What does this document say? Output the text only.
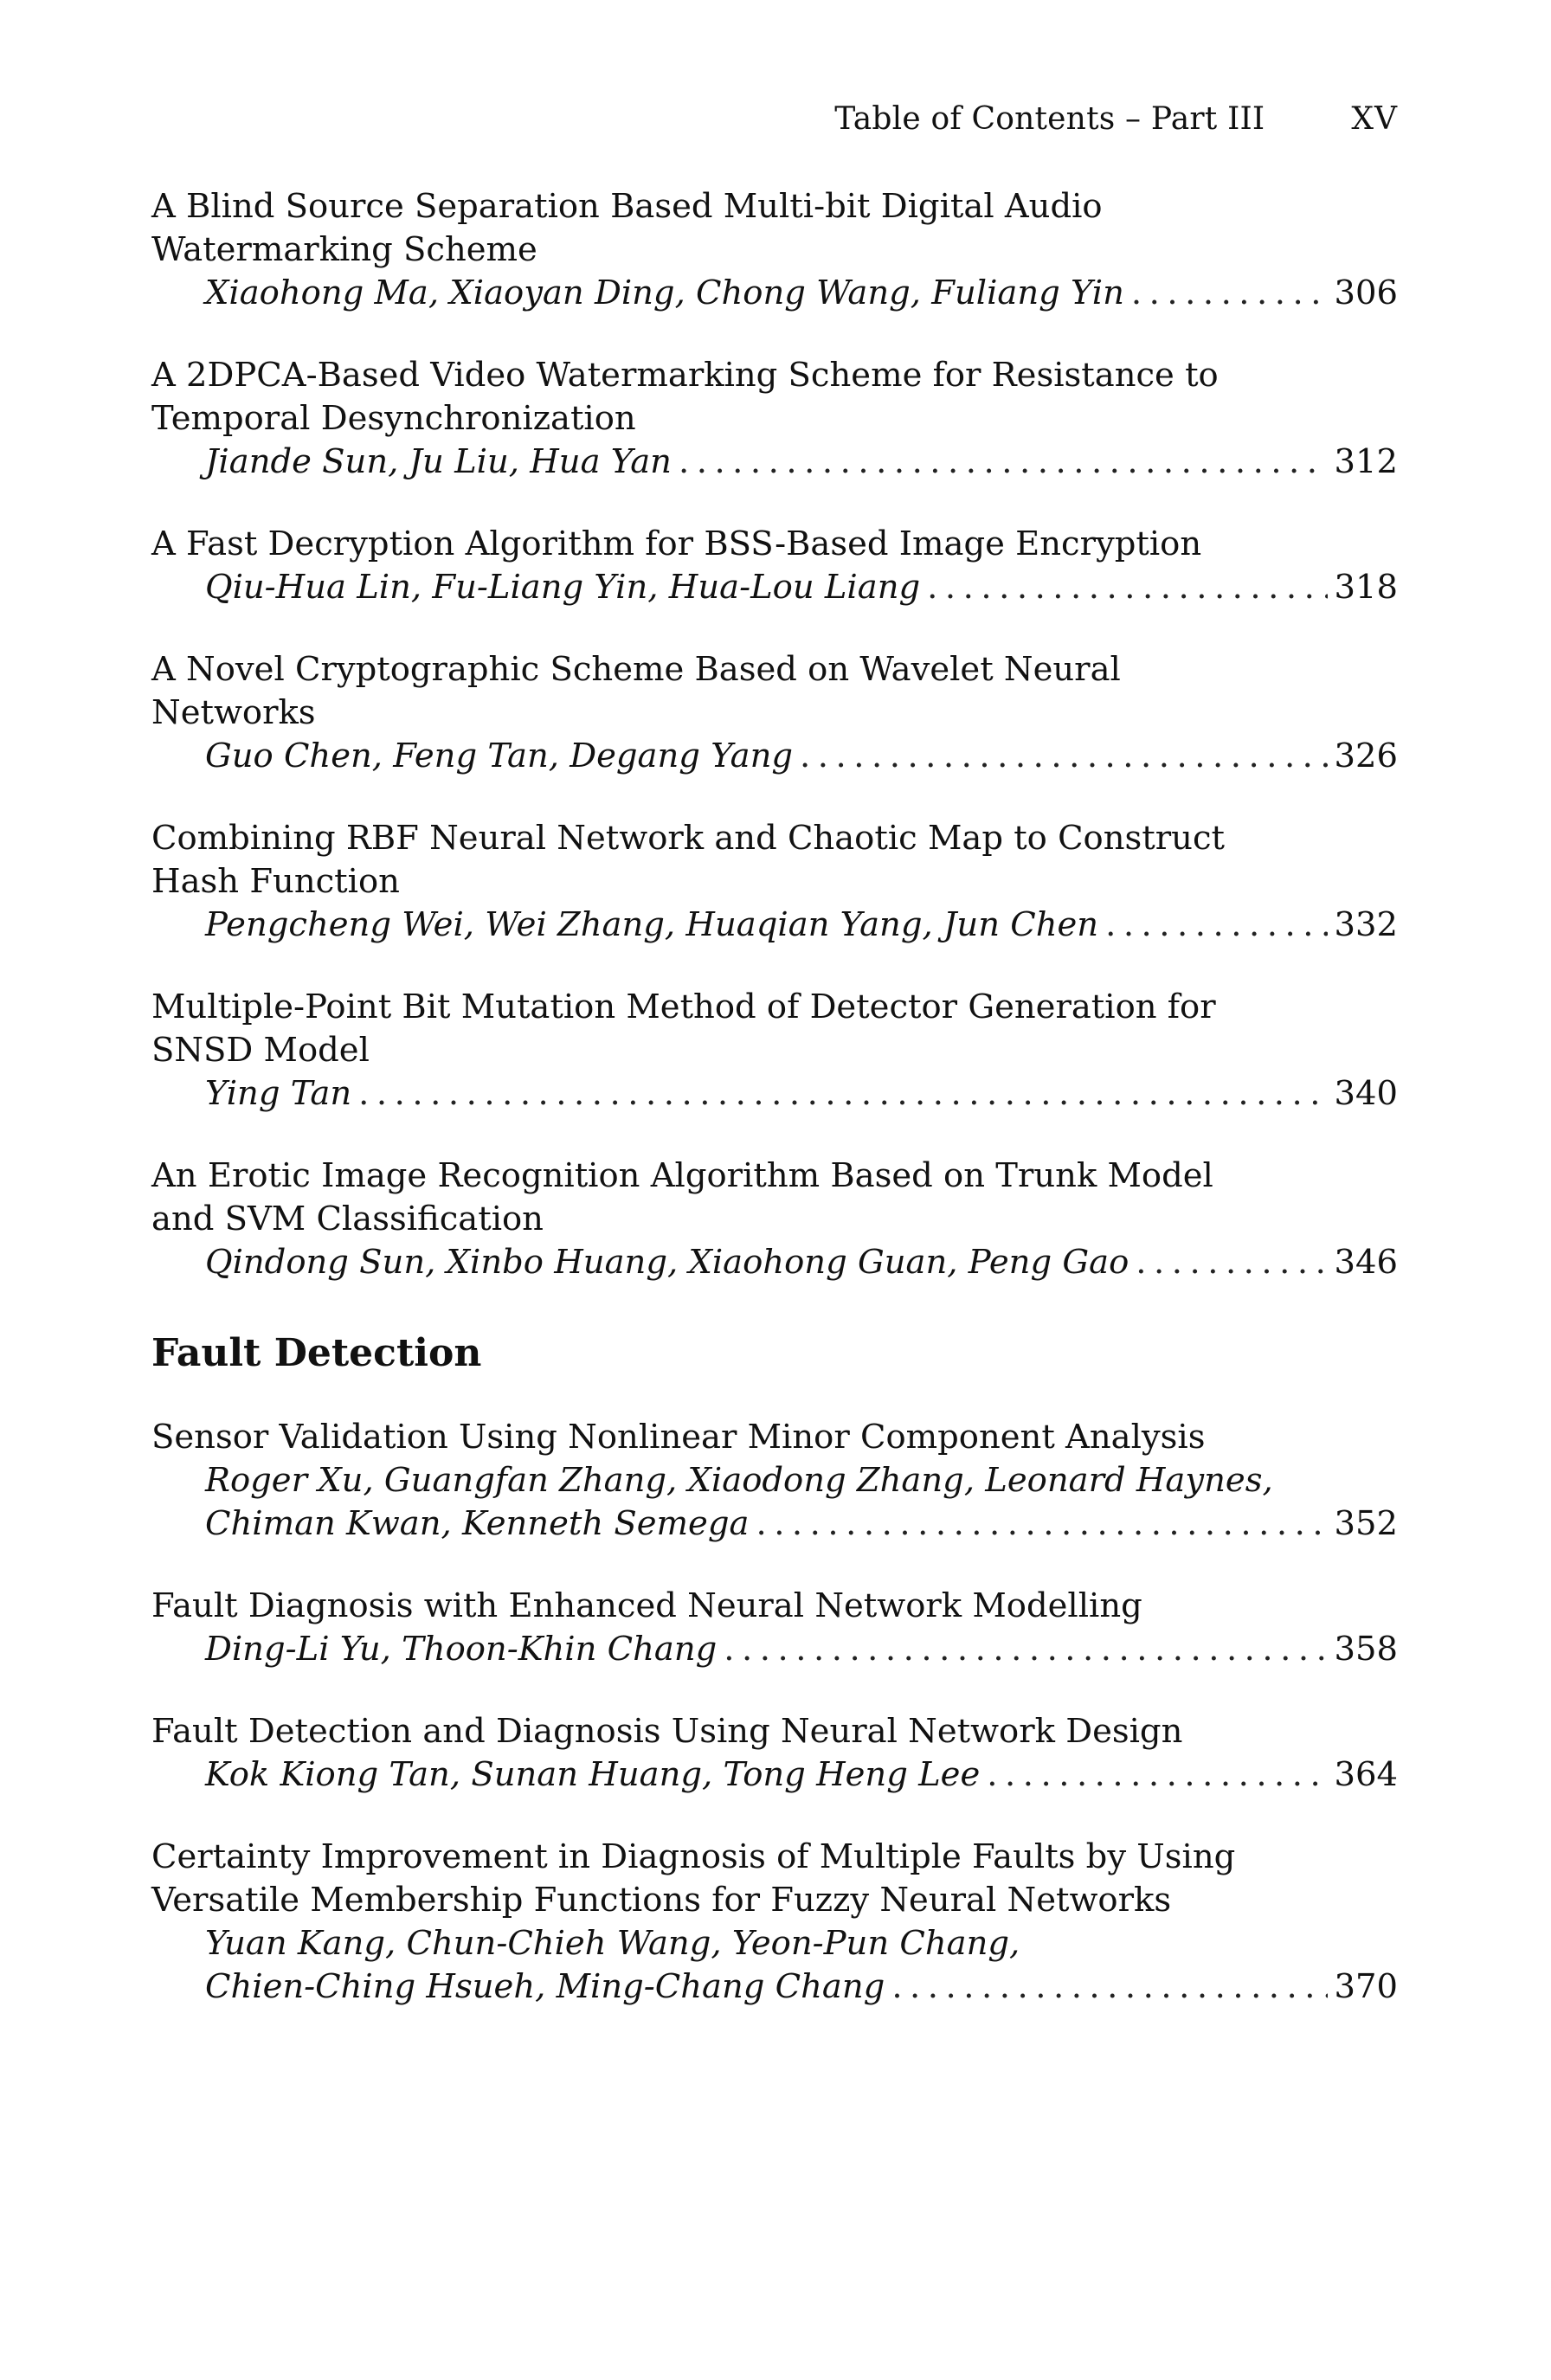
Table of Contents – Part III	XV
A Blind Source Separation Based Multi-bit Digital Audio Watermarking Scheme
Xiaohong Ma, Xiaoyan Ding, Chong Wang, Fuliang Yin .....	306
A 2DPCA-Based Video Watermarking Scheme for Resistance to Temporal Desynchronization
Jiande Sun, Ju Liu, Hua Yan .....	312
A Fast Decryption Algorithm for BSS-Based Image Encryption
Qiu-Hua Lin, Fu-Liang Yin, Hua-Lou Liang .....	318
A Novel Cryptographic Scheme Based on Wavelet Neural Networks
Guo Chen, Feng Tan, Degang Yang .....	326
Combining RBF Neural Network and Chaotic Map to Construct Hash Function
Pengcheng Wei, Wei Zhang, Huaqian Yang, Jun Chen .....	332
Multiple-Point Bit Mutation Method of Detector Generation for SNSD Model
Ying Tan .....	340
An Erotic Image Recognition Algorithm Based on Trunk Model and SVM Classification
Qindong Sun, Xinbo Huang, Xiaohong Guan, Peng Gao .....	346
Fault Detection
Sensor Validation Using Nonlinear Minor Component Analysis
Roger Xu, Guangfan Zhang, Xiaodong Zhang, Leonard Haynes,
Chiman Kwan, Kenneth Semega .....	352
Fault Diagnosis with Enhanced Neural Network Modelling
Ding-Li Yu, Thoon-Khin Chang .....	358
Fault Detection and Diagnosis Using Neural Network Design
Kok Kiong Tan, Sunan Huang, Tong Heng Lee .....	364
Certainty Improvement in Diagnosis of Multiple Faults by Using Versatile Membership Functions for Fuzzy Neural Networks
Yuan Kang, Chun-Chieh Wang, Yeon-Pun Chang,
Chien-Ching Hsueh, Ming-Chang Chang .....	370
